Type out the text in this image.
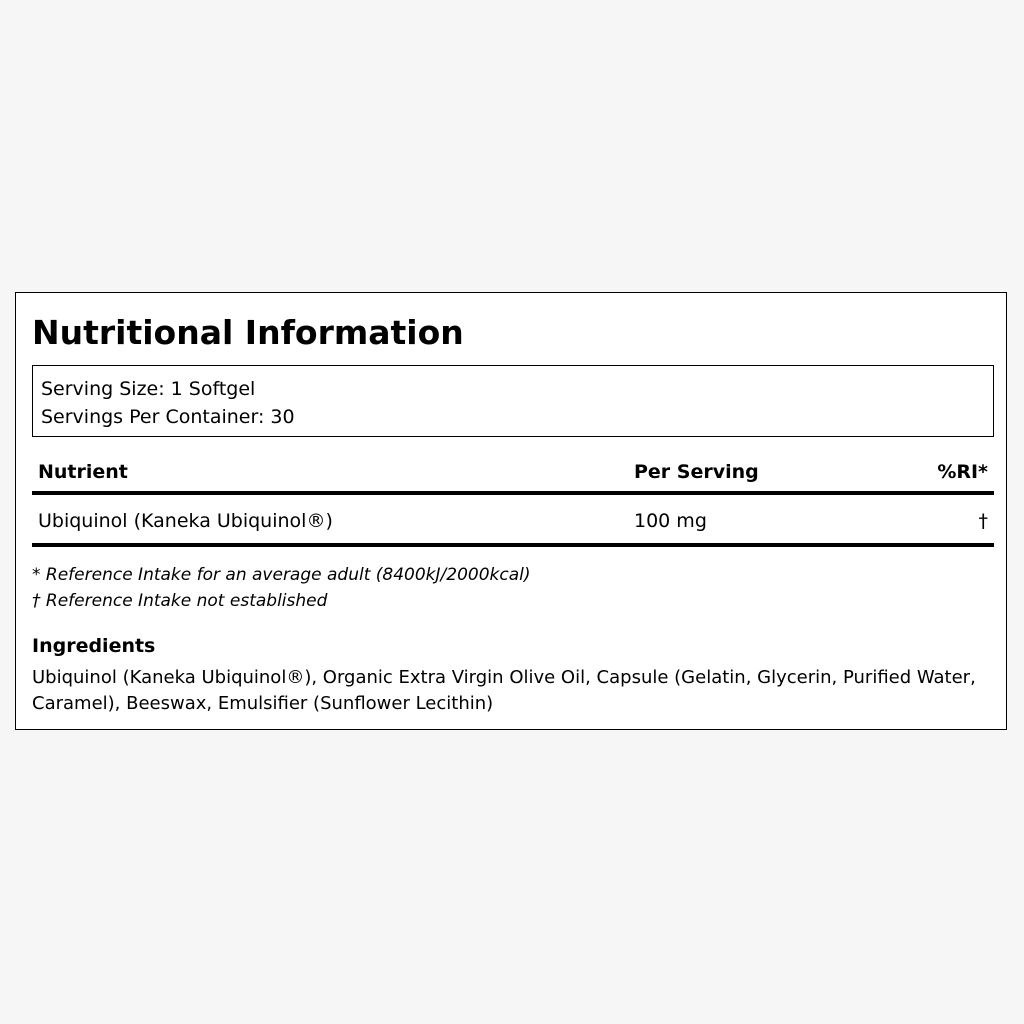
Nutritional Information
Serving Size: 1 Softgel
Servings Per Container: 30
Nutrient	Per Serving	%RI*
Ubiquinol (Kaneka Ubiquinol®)	100 mg	†
* Reference Intake for an average adult (8400kJ/2000kcal)
† Reference Intake not established
Ingredients
Ubiquinol (Kaneka Ubiquinol®), Organic Extra Virgin Olive Oil, Capsule (Gelatin, Glycerin, Purified Water, Caramel), Beeswax, Emulsifier (Sunflower Lecithin)
